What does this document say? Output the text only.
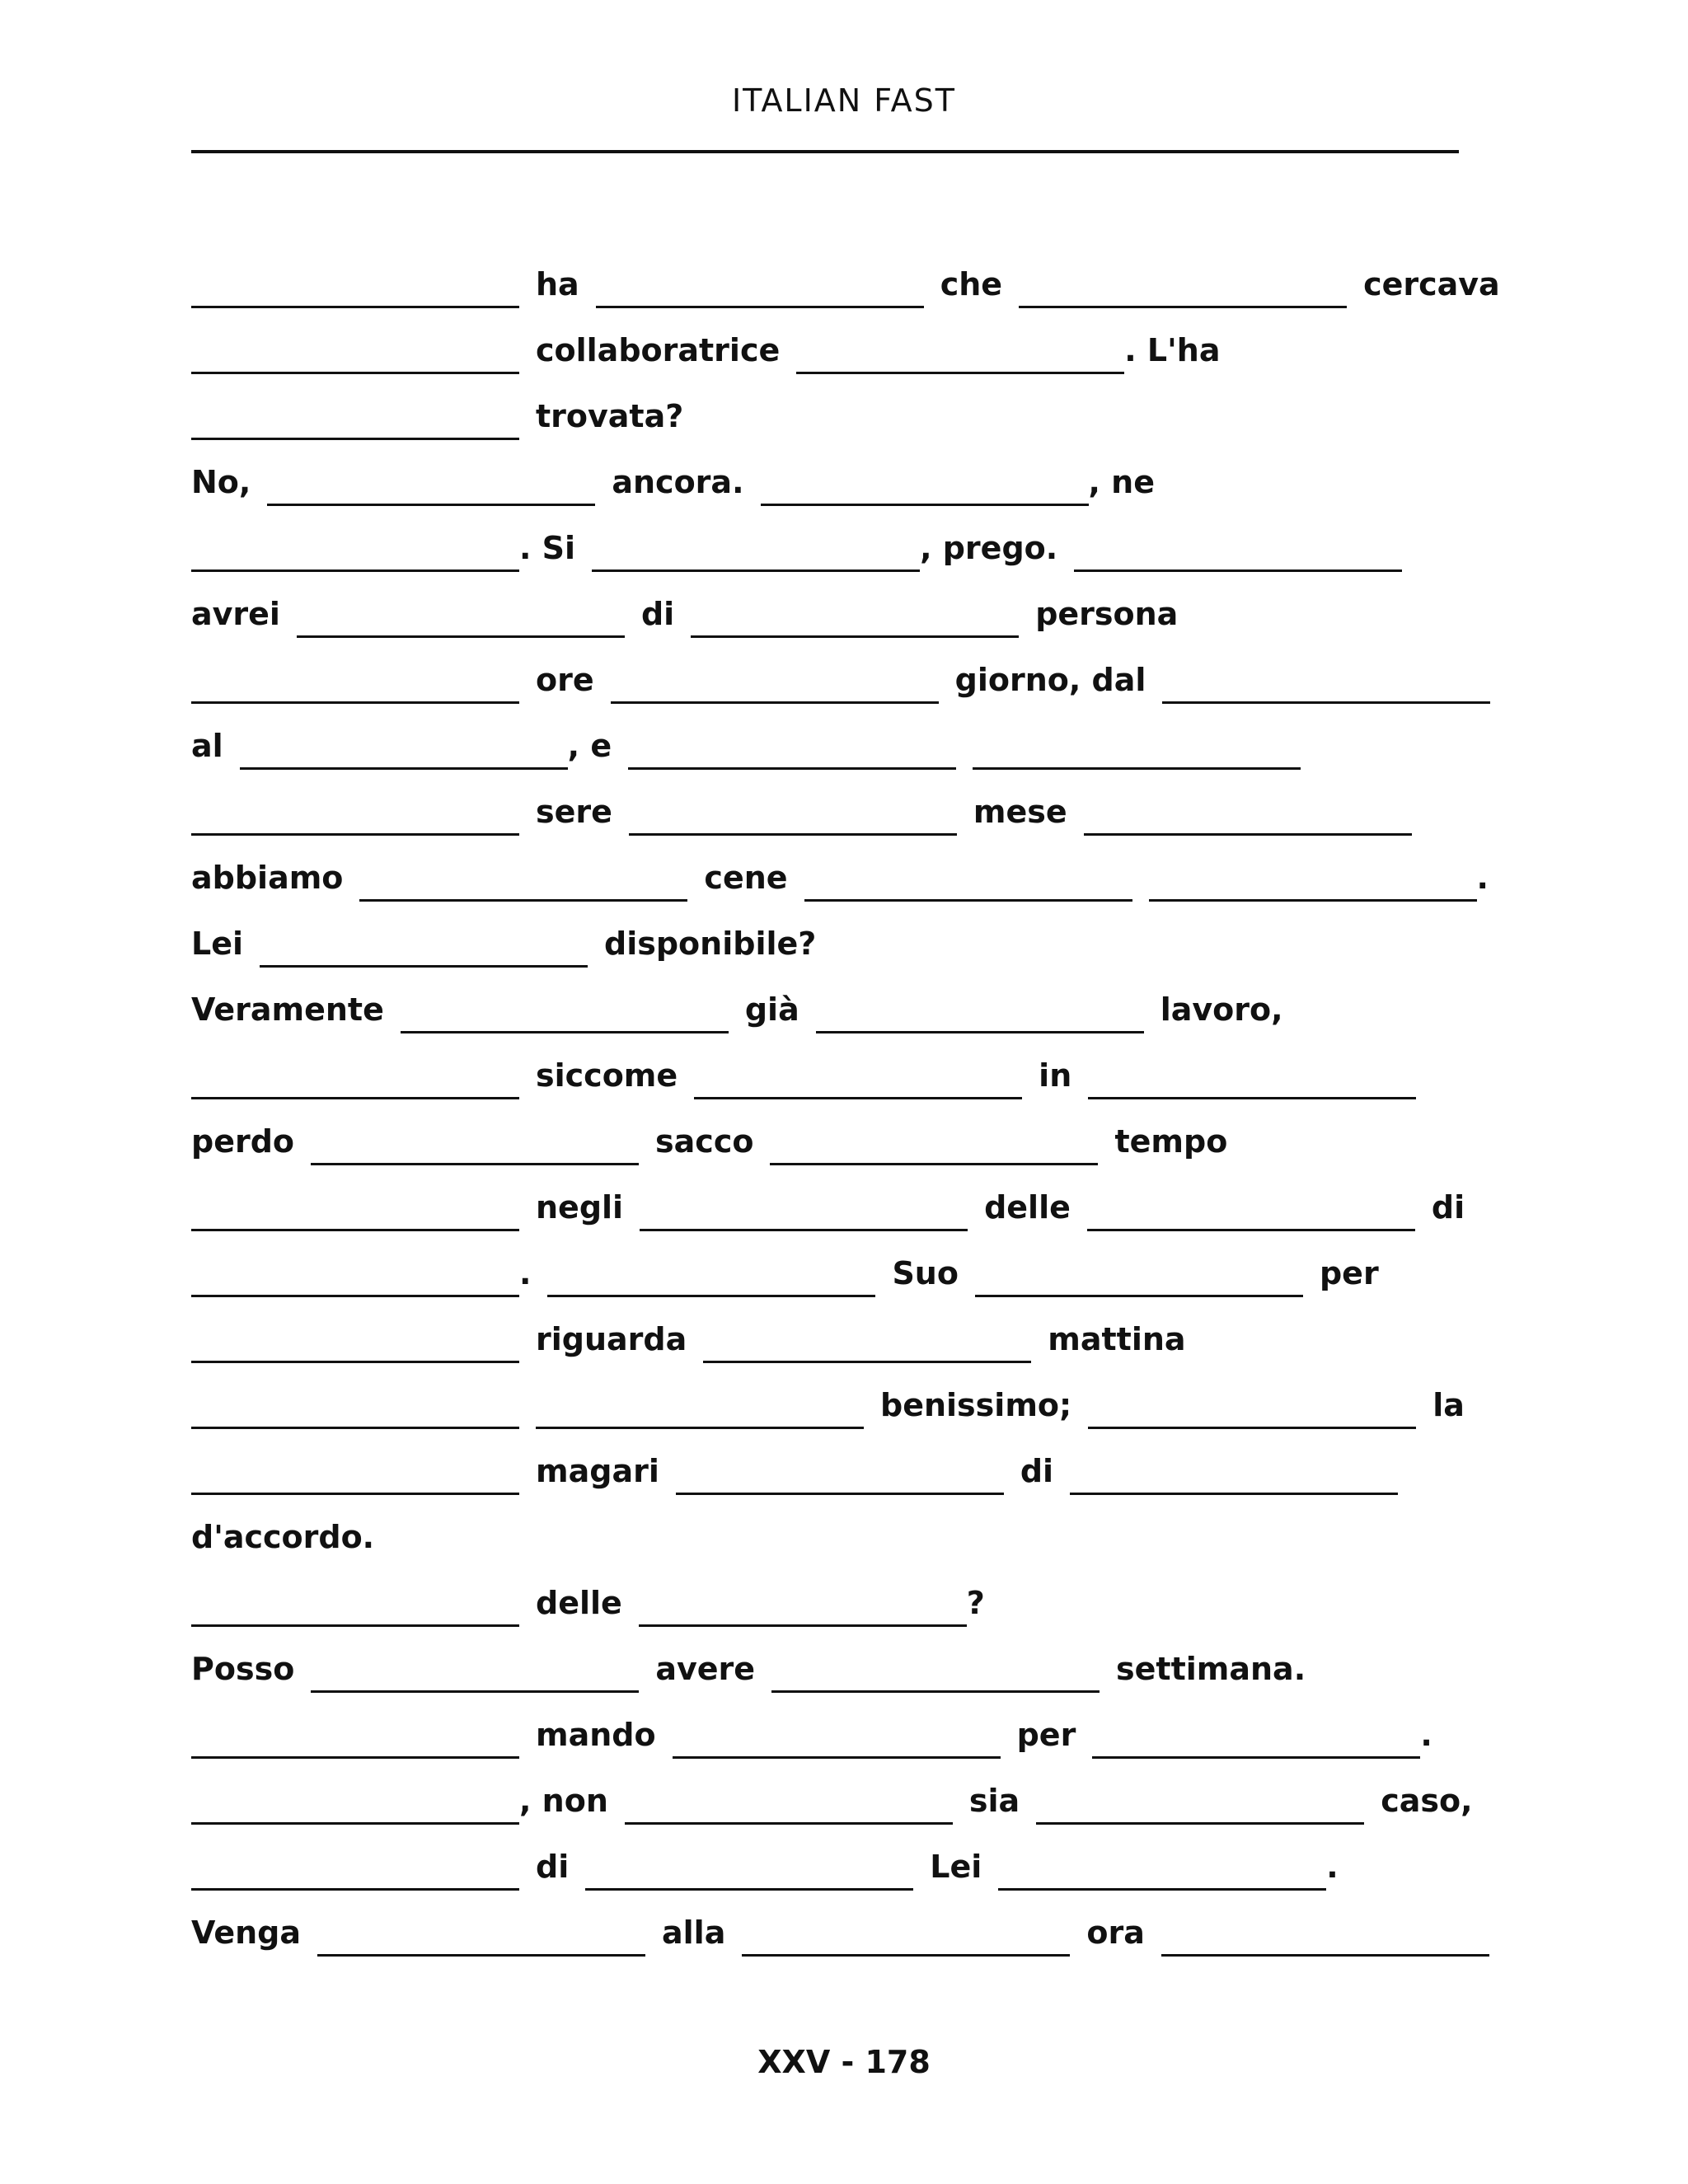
ITALIAN FAST
ha	che	cercava
collaboratrice	. L'ha
trovata?
No,	ancora.	, ne
. Si	, prego.
avrei	di	persona
ore	giorno, dal
al	, e
sere	mese
abbiamo	cene	.
Lei	disponibile?
Veramente	già	lavoro,
siccome	in
perdo	sacco	tempo
negli	delle	di
.	Suo	per
riguarda	mattina
benissimo;	la
magari	di
d'accordo.
delle	?
Posso	avere	settimana.
mando	per	.
, non	sia	caso,
di	Lei	.
Venga	alla	ora
XXV - 178
